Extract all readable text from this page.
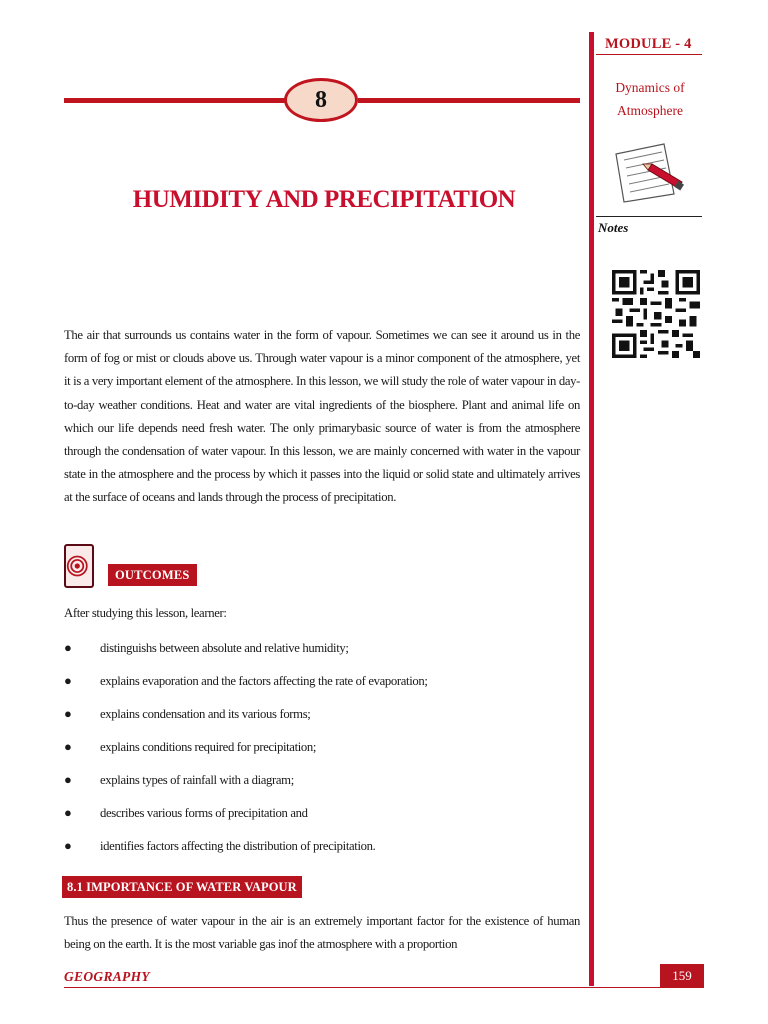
MODULE - 4
Dynamics of
Atmosphere
Notes
8
HUMIDITY AND PRECIPITATION

The air that surrounds us contains water in the form of vapour. Sometimes we can see it around us in the form of fog or mist or clouds above us. Through water vapour is a minor component of the atmosphere, yet it is a very important element of the atmosphere. In this lesson, we will study the role of water vapour in day-to-day weather conditions. Heat and water are vital ingredients of the biosphere. Plant and animal life on which our life depends need fresh water. The only primarybasic source of water is from the atmosphere through the condensation of water vapour. In this lesson, we are mainly concerned with water in the vapour state in the atmosphere and the process by which it passes into the liquid or solid state and ultimately arrives at the surface of oceans and lands through the process of precipitation.

OUTCOMES
After studying this lesson, learner:
● distinguishs between absolute and relative humidity;
● explains evaporation and the factors affecting the rate of evaporation;
● explains condensation and its various forms;
● explains conditions required for precipitation;
● explains types of rainfall with a diagram;
● describes various forms of precipitation and
● identifies factors affecting the distribution of precipitation.
8.1 IMPORTANCE OF WATER VAPOUR

Thus the presence of water vapour in the air is an extremely important factor for the existence of human being on the earth. It is the most variable gas inof the atmosphere with a proportion

GEOGRAPHY	159
